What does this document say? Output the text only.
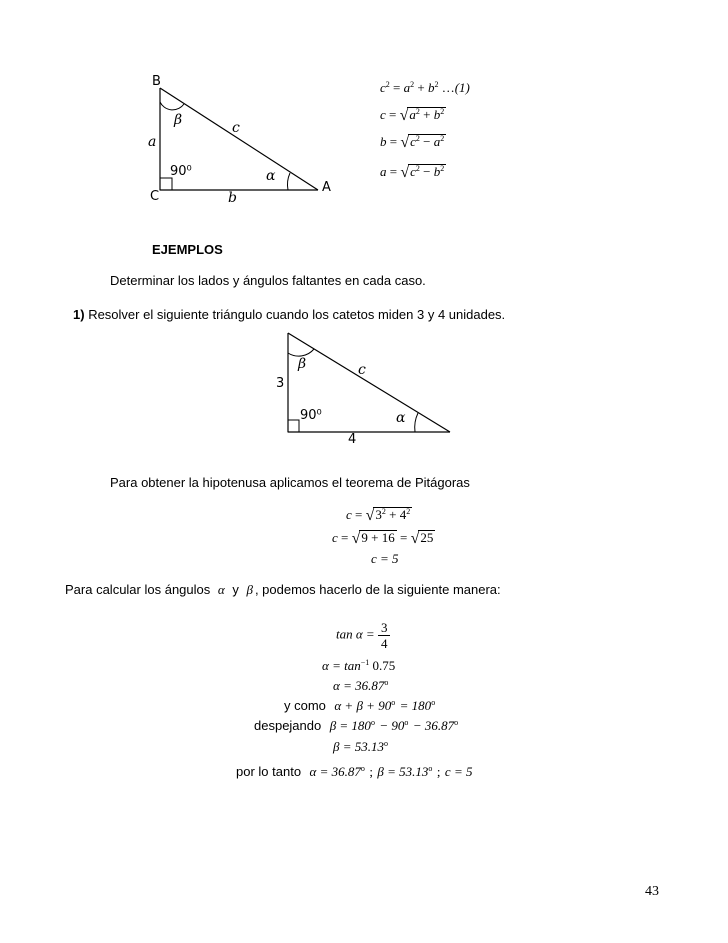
B
C
A
a
b
c
β
α
90⁰
$c^2 = a^2 + b^2$ …(1)
$c = √a^2 + b^2$
$b = √c^2 - a^2$
$a = √c^2 - b^2$
EJEMPLOS
Determinar los lados y ángulos faltantes en cada caso.
1) Resolver el siguiente triángulo cuando los catetos miden 3 y 4 unidades.
3
4
c
β
α
90⁰
Para obtener la hipotenusa aplicamos el teorema de Pitágoras
$c = √3^2 + 4^2$
c = √9 + 16 = √25
c = 5
Para calcular los ángulos α y β , podemos hacerlo de la siguiente manera:
$\tan \alpha = \frac{3}{4}$
$\alpha = \tan^{-1} 0.75$
$\alpha = 36.87^o$
y como $\alpha + \beta + 90^o = 180^o$
despejando $\beta = 180^o - 90^o - 36.87^o$
$\beta = 53.13^o$
por lo tanto $\alpha = 36.87^o$ ; $\beta = 53.13^o$ ; c = 5
43
